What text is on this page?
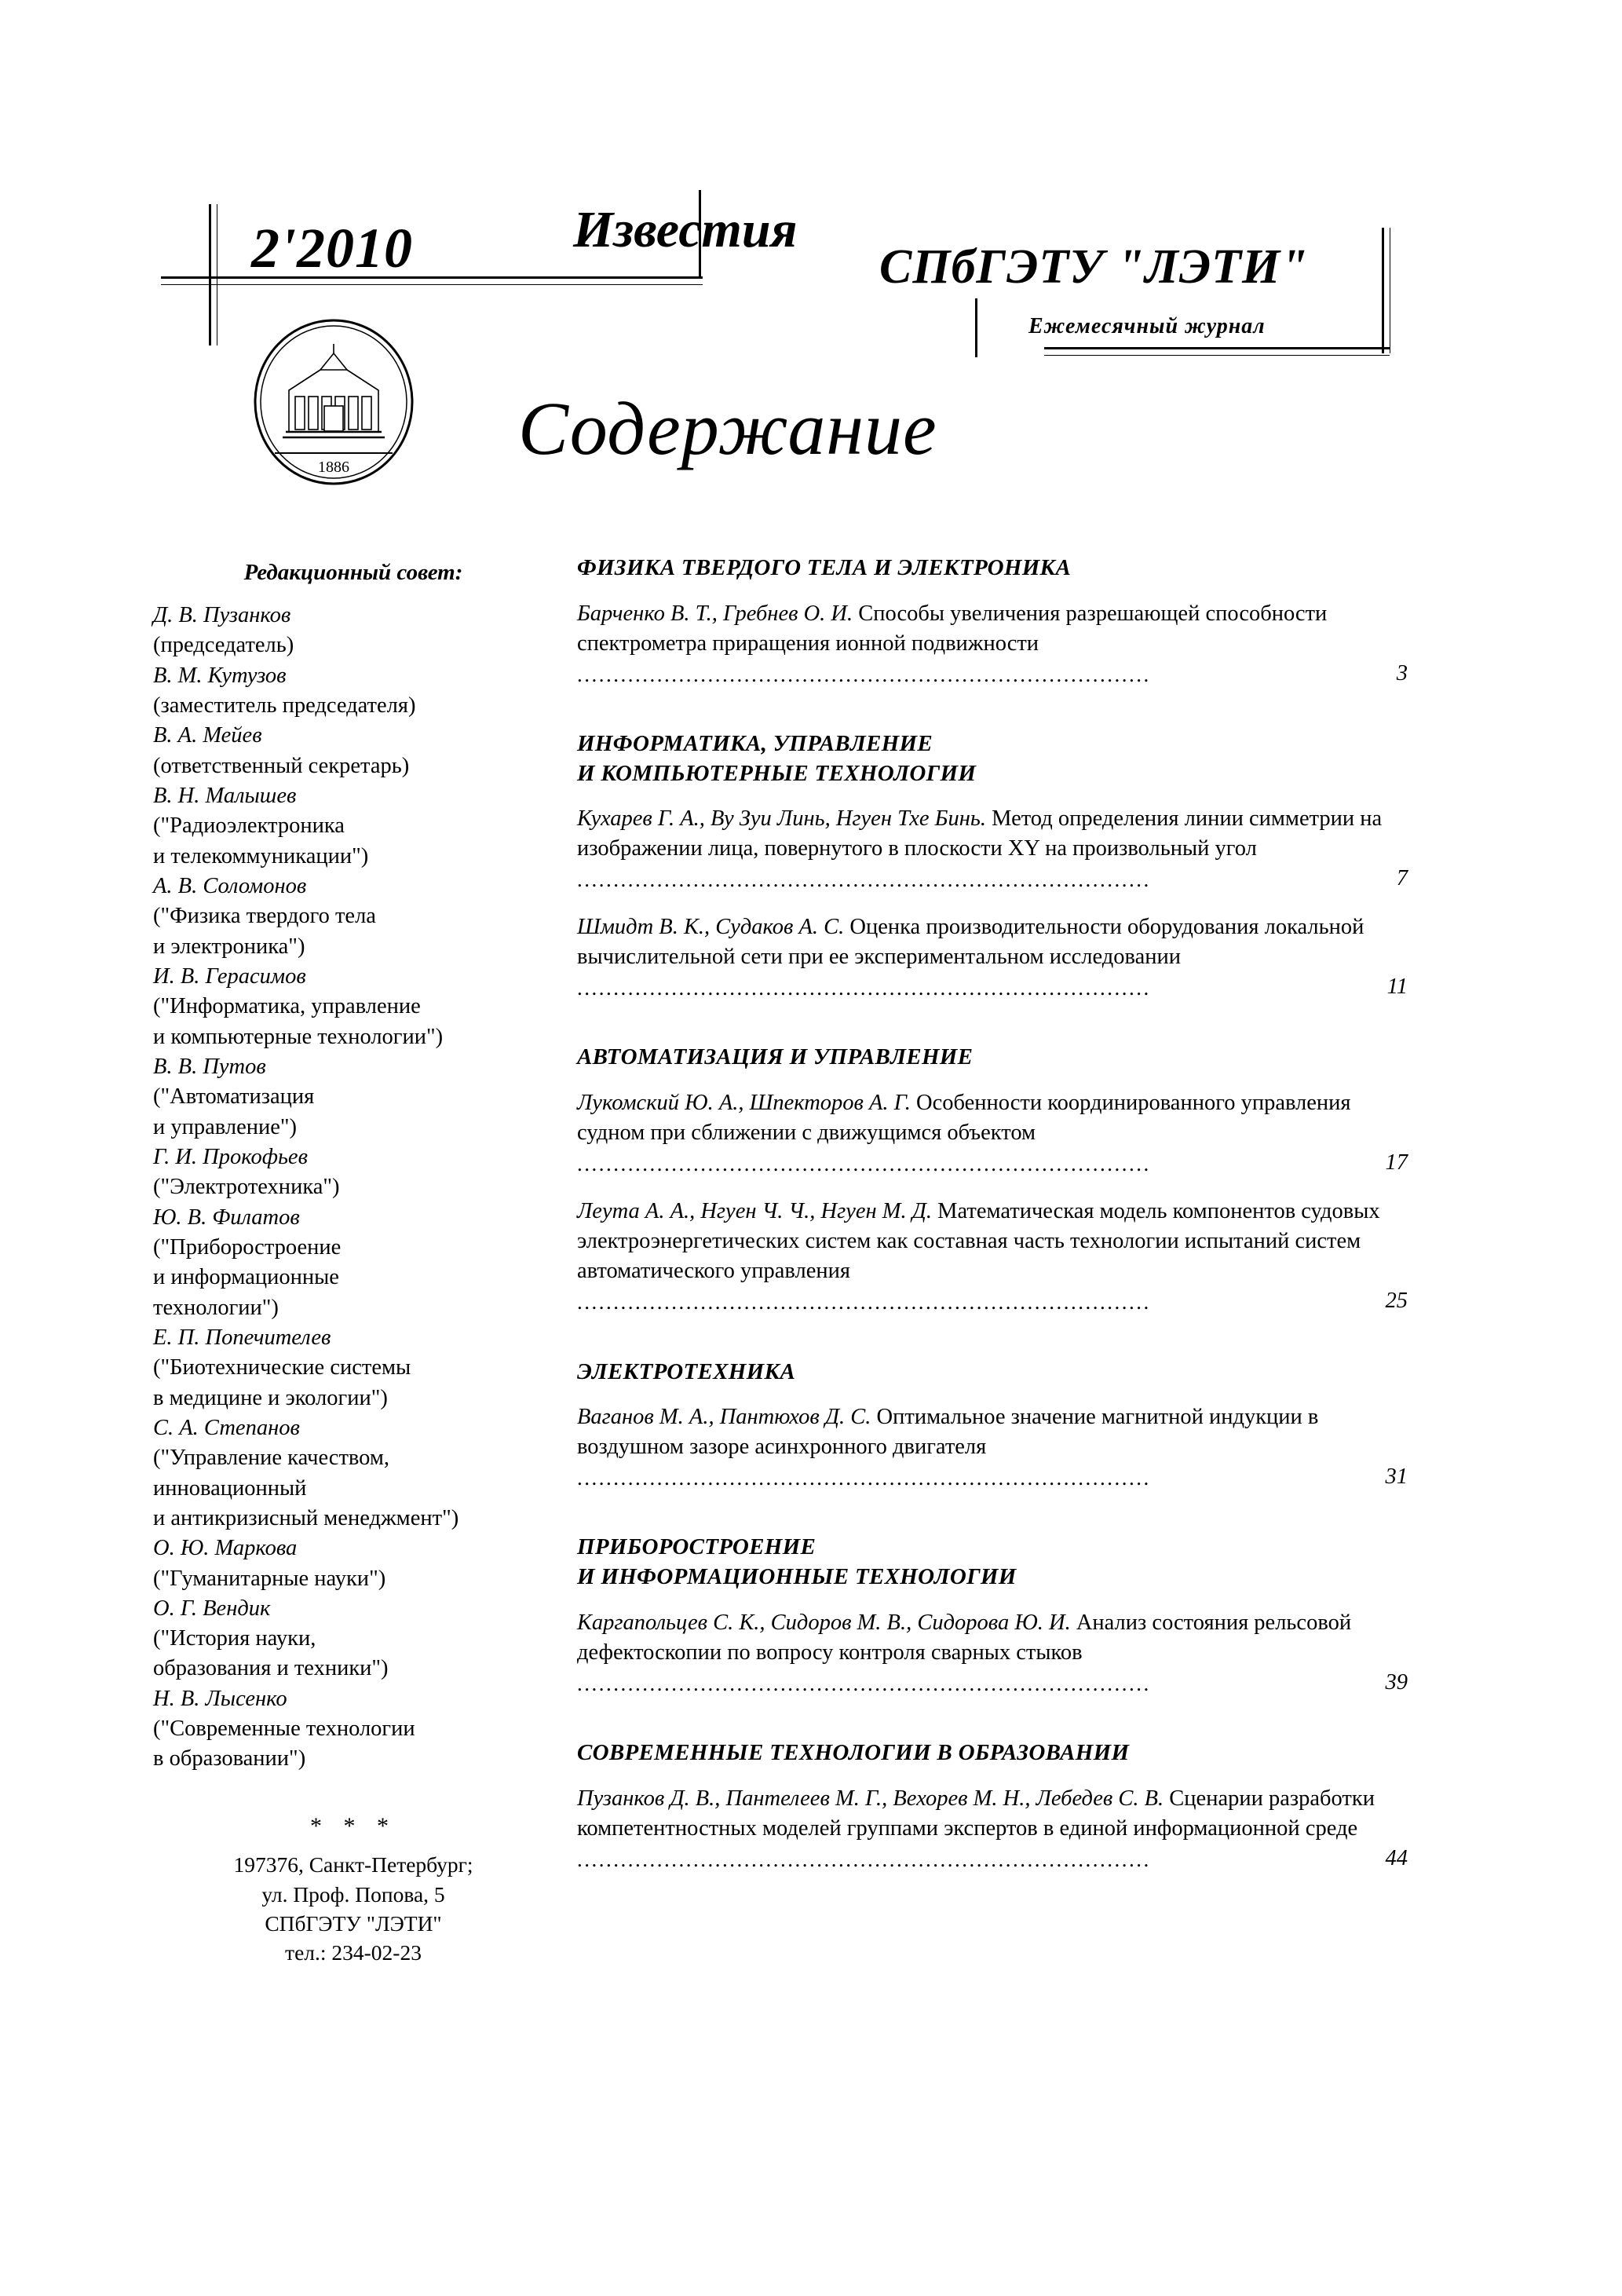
2'2010	Известия
СПбГЭТУ "ЛЭТИ"
Ежемесячный журнал
1886 Содержание
Редакционный совет:
Д. В. Пузанков
(председатель)
В. М. Кутузов
(заместитель председателя)
В. А. Мейев
(ответственный секретарь)
В. Н. Малышев
("Радиоэлектроника
и телекоммуникации")
А. В. Соломонов
("Физика твердого тела
и электроника")
И. В. Герасимов
("Информатика, управление
и компьютерные технологии")
В. В. Путов
("Автоматизация
и управление")
Г. И. Прокофьев
("Электротехника")
Ю. В. Филатов
("Приборостроение
и информационные
технологии")
Е. П. Попечителев
("Биотехнические системы
в медицине и экологии")
С. А. Степанов
("Управление качеством,
инновационный
и антикризисный менеджмент")
О. Ю. Маркова
("Гуманитарные науки")
О. Г. Вендик
("История науки,
образования и техники")
Н. В. Лысенко
("Современные технологии
в образовании")
* * *
197376, Санкт-Петербург;
ул. Проф. Попова, 5
СПбГЭТУ "ЛЭТИ"
тел.: 234-02-23
ФИЗИКА ТВЕРДОГО ТЕЛА И ЭЛЕКТРОНИКА
Барченко В. Т., Гребнев О. И. Способы увеличения разрешающей способности спектрометра приращения ионной подвижности ...............................................................................	3
ИНФОРМАТИКА, УПРАВЛЕНИЕ
И КОМПЬЮТЕРНЫЕ ТЕХНОЛОГИИ
Кухарев Г. А., Ву Зуи Линь, Нгуен Тхе Бинь. Метод определения линии симметрии на изображении лица, повернутого в плоскости XY на произвольный угол ...............................................................................	7
Шмидт В. К., Судаков А. С. Оценка производительности оборудования локальной вычислительной сети при ее экспериментальном исследовании ...............................................................................	11
АВТОМАТИЗАЦИЯ И УПРАВЛЕНИЕ
Лукомский Ю. А., Шпекторов А. Г. Особенности координированного управления судном при сближении с движущимся объектом ...............................................................................	17
Леута А. А., Нгуен Ч. Ч., Нгуен М. Д. Математическая модель компонентов судовых электроэнергетических систем как составная часть технологии испытаний систем автоматического управления ...............................................................................	25
ЭЛЕКТРОТЕХНИКА
Ваганов М. А., Пантюхов Д. С. Оптимальное значение магнитной индукции в воздушном зазоре асинхронного двигателя ...............................................................................	31
ПРИБОРОСТРОЕНИЕ
И ИНФОРМАЦИОННЫЕ ТЕХНОЛОГИИ
Каргапольцев С. К., Сидоров М. В., Сидорова Ю. И. Анализ состояния рельсовой дефектоскопии по вопросу контроля сварных стыков ...............................................................................	39
СОВРЕМЕННЫЕ ТЕХНОЛОГИИ В ОБРАЗОВАНИИ
Пузанков Д. В., Пантелеев М. Г., Вехорев М. Н., Лебедев С. В. Сценарии разработки компетентностных моделей группами экспертов в единой информационной среде ...............................................................................	44
